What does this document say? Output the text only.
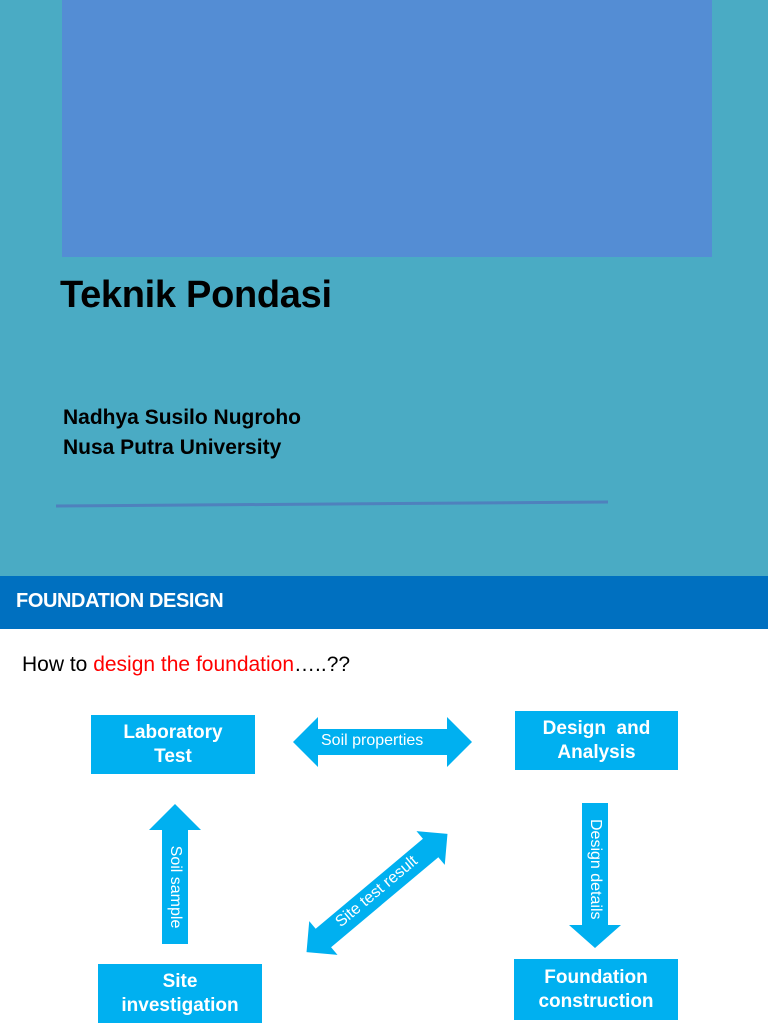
Teknik Pondasi
Nadhya Susilo Nugroho
Nusa Putra University
FOUNDATION DESIGN
How to design the foundation…..??
Soil properties
Soil sample	Design details
Site test result
Laboratory
Test
Design  and
Analysis
Site
investigation
Foundation
construction
